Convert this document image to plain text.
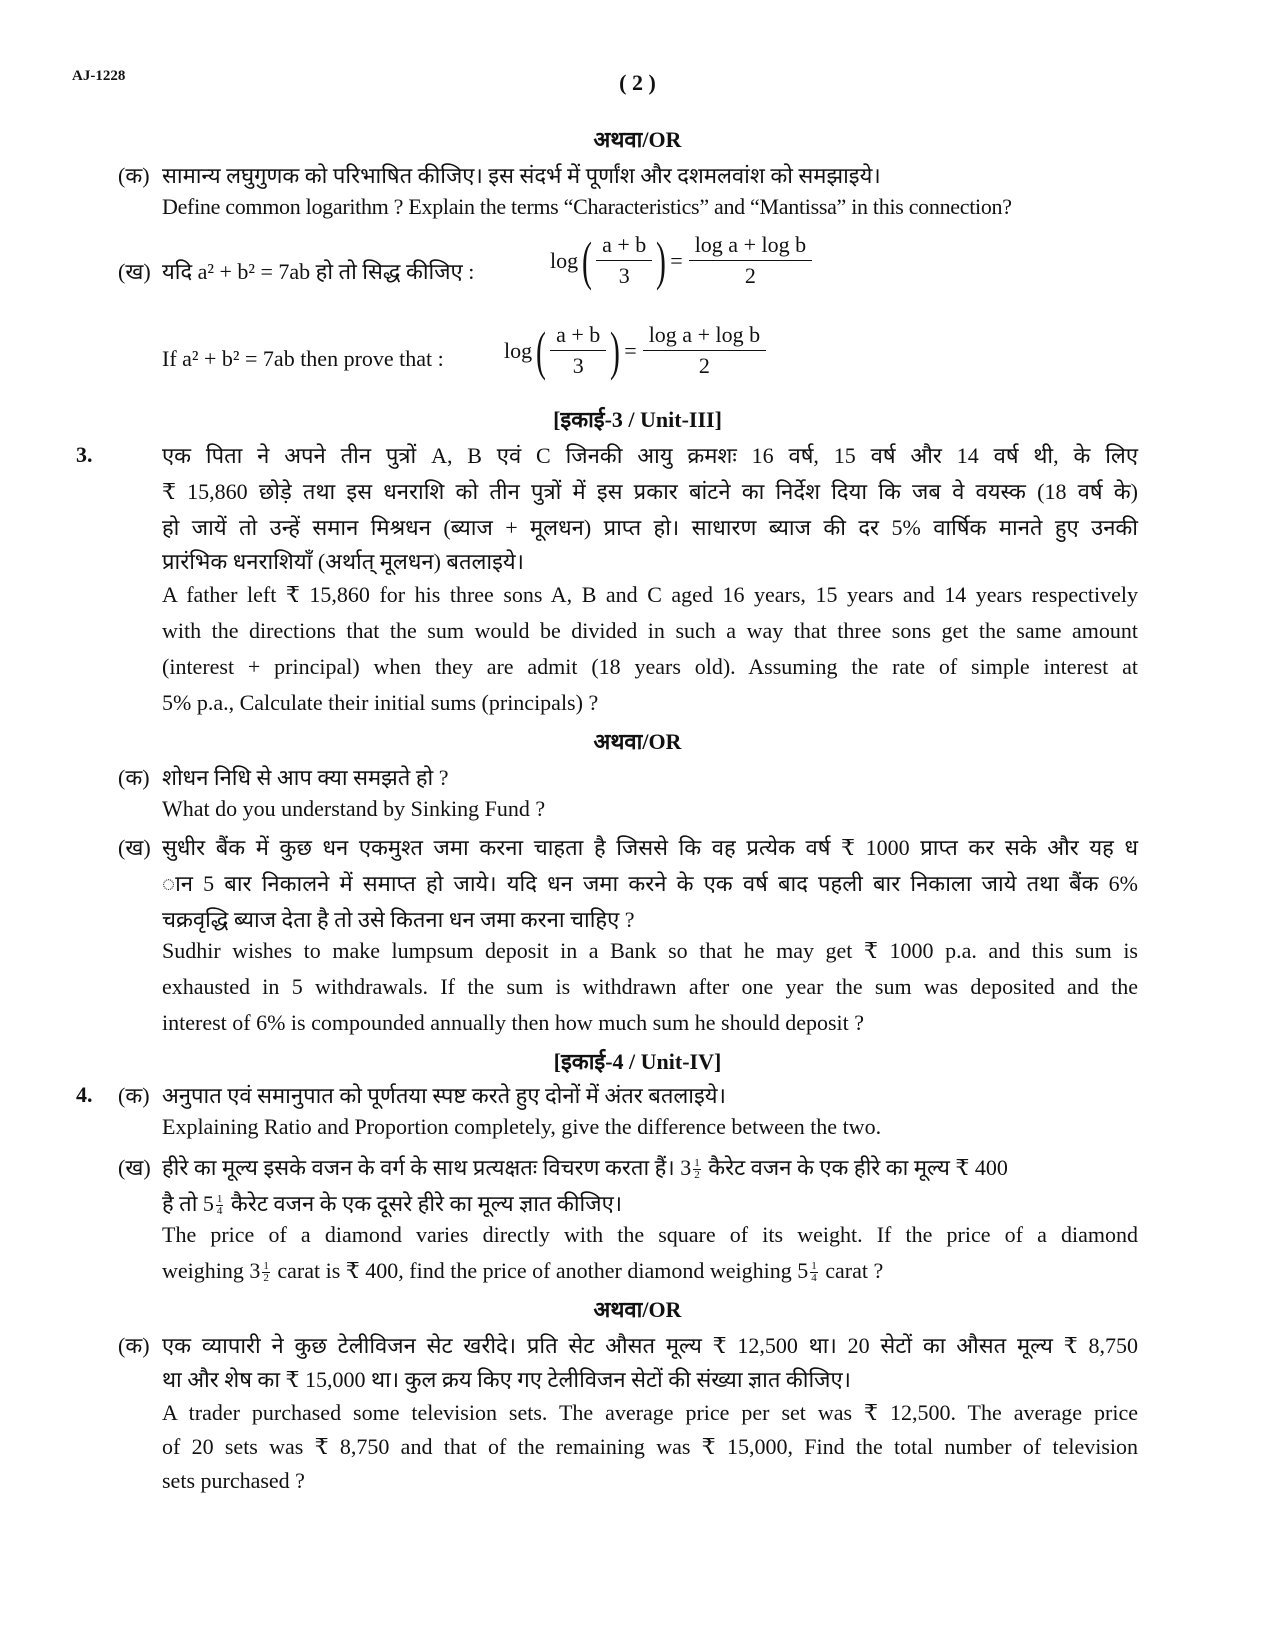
AJ-1228	( 2 )
अथवा/OR
(क) सामान्य लघुगुणक को परिभाषित कीजिए। इस संदर्भ में पूर्णांश और दशमलवांश को समझाइये।
Define common logarithm ? Explain the terms “Characteristics” and “Mantissa” in this connection?
(ख) यदि a² + b² = 7ab हो तो सिद्ध कीजिए :	log ( $\frac{a + b}{3}$ ) = $\frac{\text{log a + log b}}{2}$
If a² + b² = 7ab then prove that :	log ( $\frac{a + b}{3}$ ) = $\frac{\text{log a + log b}}{2}$
[इकाई-3 / Unit-III]
3.	एक पिता ने अपने तीन पुत्रों A, B एवं C जिनकी आयु क्रमशः 16 वर्ष, 15 वर्ष और 14 वर्ष थी, के लिए
₹ 15,860 छोड़े तथा इस धनराशि को तीन पुत्रों में इस प्रकार बांटने का निर्देश दिया कि जब वे वयस्क (18 वर्ष के)
हो जायें तो उन्हें समान मिश्रधन (ब्याज + मूलधन) प्राप्त हो। साधारण ब्याज की दर 5% वार्षिक मानते हुए उनकी
प्रारंभिक धनराशियाँ (अर्थात् मूलधन) बतलाइये।
A father left ₹ 15,860 for his three sons A, B and C aged 16 years, 15 years and 14 years respectively
with the directions that the sum would be divided in such a way that three sons get the same amount
(interest + principal) when they are admit (18 years old). Assuming the rate of simple interest at
5% p.a., Calculate their initial sums (principals) ?
अथवा/OR
(क) शोधन निधि से आप क्या समझते हो ?
What do you understand by Sinking Fund ?
(ख) सुधीर बैंक में कुछ धन एकमुश्त जमा करना चाहता है जिससे कि वह प्रत्येक वर्ष ₹ 1000 प्राप्त कर सके और यह ध
ान 5 बार निकालने में समाप्त हो जाये। यदि धन जमा करने के एक वर्ष बाद पहली बार निकाला जाये तथा बैंक 6%
चक्रवृद्धि ब्याज देता है तो उसे कितना धन जमा करना चाहिए ?
Sudhir wishes to make lumpsum deposit in a Bank so that he may get ₹ 1000 p.a. and this sum is
exhausted in 5 withdrawals. If the sum is withdrawn after one year the sum was deposited and the
interest of 6% is compounded annually then how much sum he should deposit ?
[इकाई-4 / Unit-IV]
4. (क) अनुपात एवं समानुपात को पूर्णतया स्पष्ट करते हुए दोनों में अंतर बतलाइये।
Explaining Ratio and Proportion completely, give the difference between the two.
(ख) हीरे का मूल्य इसके वजन के वर्ग के साथ प्रत्यक्षतः विचरण करता हैं। $3 \frac{1}{2}$ कैरेट वजन के एक हीरे का मूल्य ₹ 400
है तो $5 \frac{1}{4}$ कैरेट वजन के एक दूसरे हीरे का मूल्य ज्ञात कीजिए।
The price of a diamond varies directly with the square of its weight. If the price of a diamond
weighing $3 \frac{1}{2}$ carat is ₹ 400, find the price of another diamond weighing $5 \frac{1}{4}$ carat ?
अथवा/OR
(क) एक व्यापारी ने कुछ टेलीविजन सेट खरीदे। प्रति सेट औसत मूल्य ₹ 12,500 था। 20 सेटों का औसत मूल्य ₹ 8,750
था और शेष का ₹ 15,000 था। कुल क्रय किए गए टेलीविजन सेटों की संख्या ज्ञात कीजिए।
A trader purchased some television sets. The average price per set was ₹ 12,500. The average price
of 20 sets was ₹ 8,750 and that of the remaining was ₹ 15,000, Find the total number of television
sets purchased ?
